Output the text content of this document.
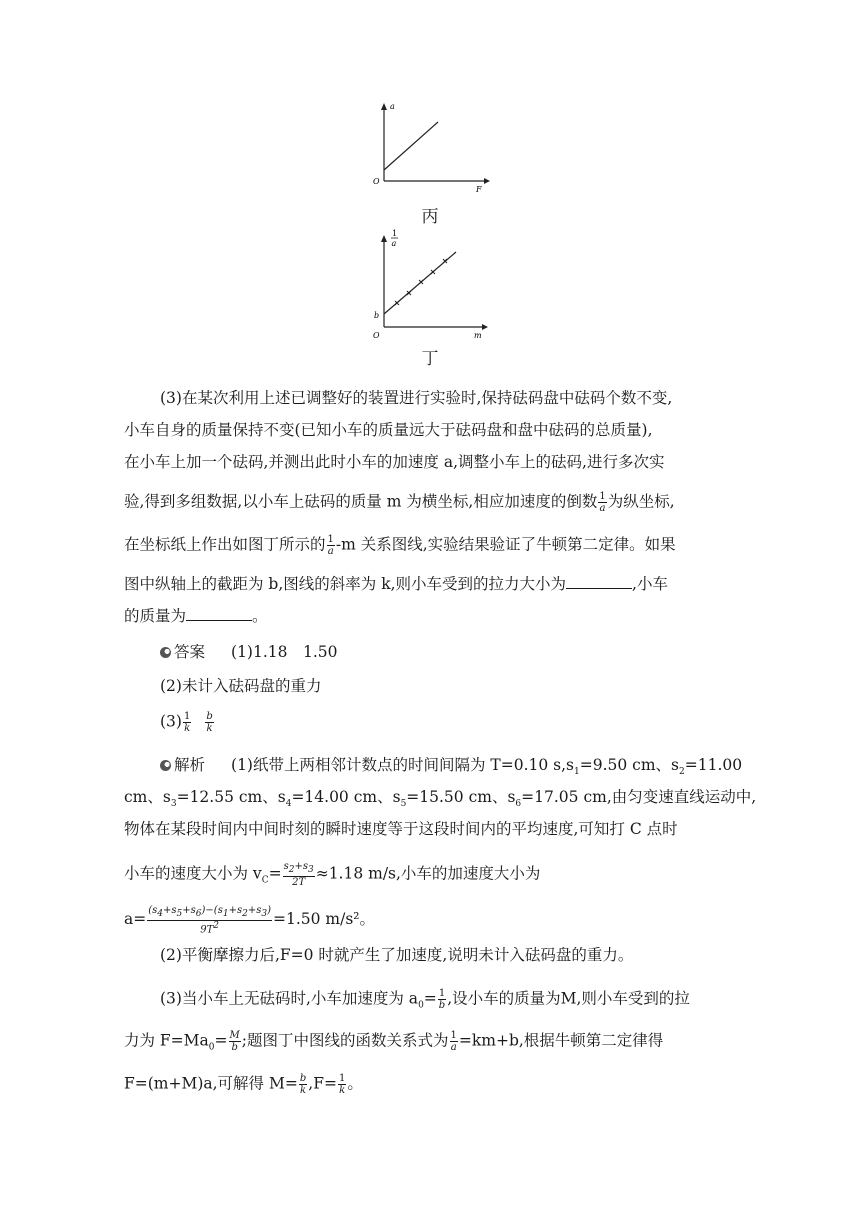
a
O
F
丙
1
a
b
O	m
丁
(3)在某次利用上述已调整好的装置进行实验时,保持砝码盘中砝码个数不变,
小车自身的质量保持不变(已知小车的质量远大于砝码盘和盘中砝码的总质量),
在小车上加一个砝码,并测出此时小车的加速度 a,调整小车上的砝码,进行多次实
验,得到多组数据,以小车上砝码的质量 m 为横坐标,相应加速度的倒数 $\frac{1}{a}$ 为纵坐标,
在坐标纸上作出如图丁所示的 $\frac{1}{a} -m$ 关系图线,实验结果验证了牛顿第二定律。如果
图中纵轴上的截距为 b,图线的斜率为 k,则小车受到的拉力大小为	,小车
的质量为	。
答案 (1)1.18　1.50
(2)未计入砝码盘的重力
$(3) \frac{1}{k} \frac{b}{k}$
解析 (1)纸带上两相邻计数点的时间间隔为 T=0.10 $s,s_1=9.50$ cm、$s_2=11.00$
cm、$s_3=12.55$ cm、$s_4=14.00$ cm、$s_5=15.50$ cm、$s_6=17.05$ cm,由匀变速直线运动中,
物体在某段时间内中间时刻的瞬时速度等于这段时间内的平均速度,可知打 C 点时
小车的速度大小为 $v_C= \frac{s_2+s_3}{2T} \approx 1.18$ m/s,小车的加速度大小为
$a= \frac{(s_4+s_5+s_6)-(s_1+s_2+s_3)}{9T^2} =1.50$ m/s²。
(2)平衡摩擦力后,F=0 时就产生了加速度,说明未计入砝码盘的重力。
(3)当小车上无砝码时,小车加速度为 $a_0= \frac{1}{b}$ ,设小车的质量为M,则小车受到的拉
力为 $F=Ma_0= \frac{M}{b}$ ;题图丁中图线的函数关系式为 $\frac{1}{a} =km+b$,根据牛顿第二定律得
F=(m+M)a,可解得 $M= \frac{b}{k} ,F= \frac{1}{k}$ 。
